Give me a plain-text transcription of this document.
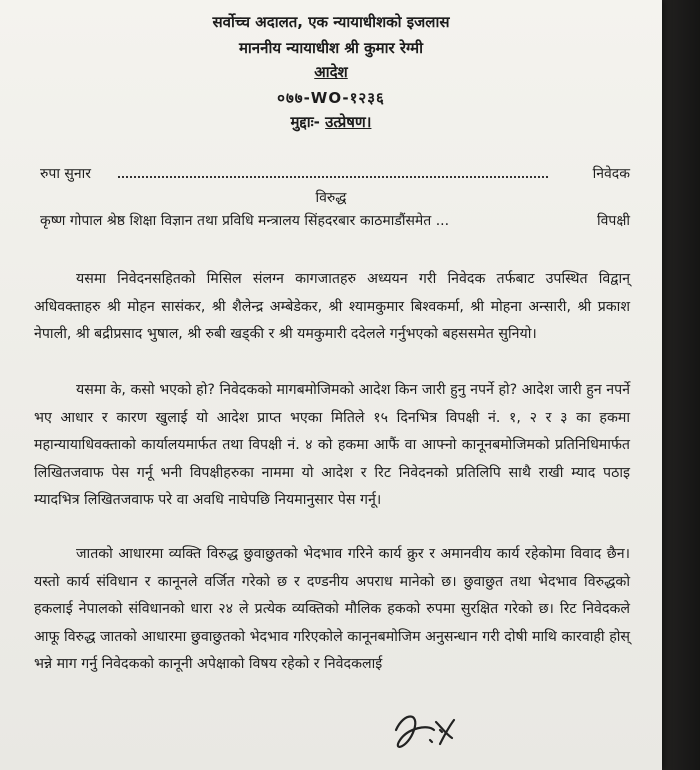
सर्वोच्च अदालत, एक न्यायाधीशको इजलास
माननीय न्यायाधीश श्री कुमार रेग्मी
आदेश
०७७-WO-१२३६
मुद्दाः- उत्प्रेषण।
रुपा सुनार	निवेदक
विरुद्ध
कृष्ण गोपाल श्रेष्ठ शिक्षा विज्ञान तथा प्रविधि मन्त्रालय सिंहदरबार काठमाडौंसमेत ...	विपक्षी
यसमा निवेदनसहितको मिसिल संलग्न कागजातहरु अध्ययन गरी निवेदक तर्फबाट उपस्थित विद्वान् अधिवक्ताहरु श्री मोहन सासंकर, श्री शैलेन्द्र अम्बेडेकर, श्री श्यामकुमार बिश्वकर्मा, श्री मोहना अन्सारी, श्री प्रकाश नेपाली, श्री बद्रीप्रसाद भुषाल, श्री रुबी खड्की र श्री यमकुमारी ददेलले गर्नुभएको बहससमेत सुनियो।
यसमा के, कसो भएको हो? निवेदकको मागबमोजिमको आदेश किन जारी हुनु नपर्ने हो? आदेश जारी हुन नपर्ने भए आधार र कारण खुलाई यो आदेश प्राप्त भएका मितिले १५ दिनभित्र विपक्षी नं. १, २ र ३ का हकमा महान्यायाधिवक्ताको कार्यालयमार्फत तथा विपक्षी नं. ४ को हकमा आफैं वा आफ्नो कानूनबमोजिमको प्रतिनिधिमार्फत लिखितजवाफ पेस गर्नू भनी विपक्षीहरुका नाममा यो आदेश र रिट निवेदनको प्रतिलिपि साथै राखी म्याद पठाइ म्यादभित्र लिखितजवाफ परे वा अवधि नाघेपछि नियमानुसार पेस गर्नू।
जातको आधारमा व्यक्ति विरुद्ध छुवाछुतको भेदभाव गरिने कार्य क्रुर र अमानवीय कार्य रहेकोमा विवाद छैन। यस्तो कार्य संविधान र कानूनले वर्जित गरेको छ र दण्डनीय अपराध मानेको छ। छुवाछुत तथा भेदभाव विरुद्धको हकलाई नेपालको संविधानको धारा २४ ले प्रत्येक व्यक्तिको मौलिक हकको रुपमा सुरक्षित गरेको छ। रिट निवेदकले आफू विरुद्ध जातको आधारमा छुवाछुतको भेदभाव गरिएकोले कानूनबमोजिम अनुसन्धान गरी दोषी माथि कारवाही होस् भन्ने माग गर्नु निवेदकको कानूनी अपेक्षाको विषय रहेको र निवेदकलाई
